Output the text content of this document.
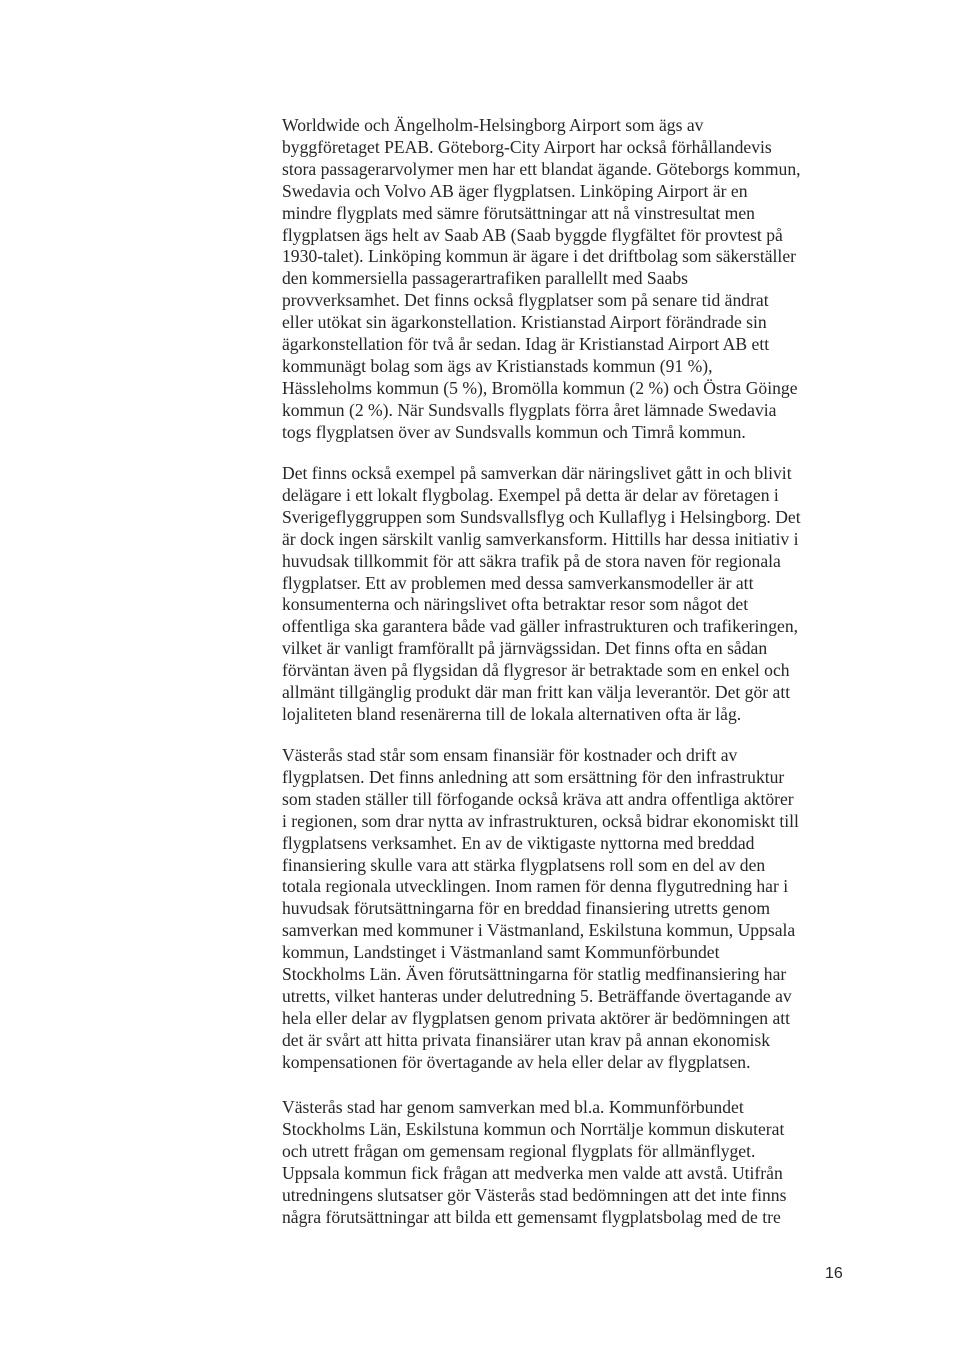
Worldwide och Ängelholm-Helsingborg Airport som ägs av
byggföretaget PEAB. Göteborg-City Airport har också förhållandevis
stora passagerarvolymer men har ett blandat ägande. Göteborgs kommun,
Swedavia och Volvo AB äger flygplatsen. Linköping Airport är en
mindre flygplats med sämre förutsättningar att nå vinstresultat men
flygplatsen ägs helt av Saab AB (Saab byggde flygfältet för provtest på
1930-talet). Linköping kommun är ägare i det driftbolag som säkerställer
den kommersiella passagerartrafiken parallellt med Saabs
provverksamhet. Det finns också flygplatser som på senare tid ändrat
eller utökat sin ägarkonstellation. Kristianstad Airport förändrade sin
ägarkonstellation för två år sedan. Idag är Kristianstad Airport AB ett
kommunägt bolag som ägs av Kristianstads kommun (91 %),
Hässleholms kommun (5 %), Bromölla kommun (2 %) och Östra Göinge
kommun (2 %). När Sundsvalls flygplats förra året lämnade Swedavia
togs flygplatsen över av Sundsvalls kommun och Timrå kommun.
Det finns också exempel på samverkan där näringslivet gått in och blivit
delägare i ett lokalt flygbolag. Exempel på detta är delar av företagen i
Sverigeflyggruppen som Sundsvallsflyg och Kullaflyg i Helsingborg. Det
är dock ingen särskilt vanlig samverkansform. Hittills har dessa initiativ i
huvudsak tillkommit för att säkra trafik på de stora naven för regionala
flygplatser. Ett av problemen med dessa samverkansmodeller är att
konsumenterna och näringslivet ofta betraktar resor som något det
offentliga ska garantera både vad gäller infrastrukturen och trafikeringen,
vilket är vanligt framförallt på järnvägssidan. Det finns ofta en sådan
förväntan även på flygsidan då flygresor är betraktade som en enkel och
allmänt tillgänglig produkt där man fritt kan välja leverantör. Det gör att
lojaliteten bland resenärerna till de lokala alternativen ofta är låg.
Västerås stad står som ensam finansiär för kostnader och drift av
flygplatsen. Det finns anledning att som ersättning för den infrastruktur
som staden ställer till förfogande också kräva att andra offentliga aktörer
i regionen, som drar nytta av infrastrukturen, också bidrar ekonomiskt till
flygplatsens verksamhet. En av de viktigaste nyttorna med breddad
finansiering skulle vara att stärka flygplatsens roll som en del av den
totala regionala utvecklingen. Inom ramen för denna flygutredning har i
huvudsak förutsättningarna för en breddad finansiering utretts genom
samverkan med kommuner i Västmanland, Eskilstuna kommun, Uppsala
kommun, Landstinget i Västmanland samt Kommunförbundet
Stockholms Län. Även förutsättningarna för statlig medfinansiering har
utretts, vilket hanteras under delutredning 5. Beträffande övertagande av
hela eller delar av flygplatsen genom privata aktörer är bedömningen att
det är svårt att hitta privata finansiärer utan krav på annan ekonomisk
kompensationen för övertagande av hela eller delar av flygplatsen.
Västerås stad har genom samverkan med bl.a. Kommunförbundet
Stockholms Län, Eskilstuna kommun och Norrtälje kommun diskuterat
och utrett frågan om gemensam regional flygplats för allmänflyget.
Uppsala kommun fick frågan att medverka men valde att avstå. Utifrån
utredningens slutsatser gör Västerås stad bedömningen att det inte finns
några förutsättningar att bilda ett gemensamt flygplatsbolag med de tre
16
